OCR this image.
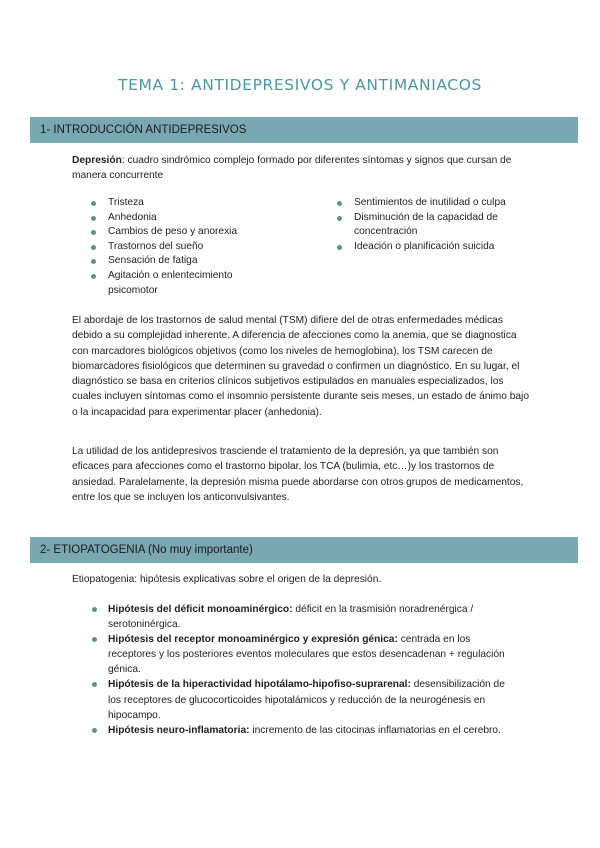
TEMA 1: ANTIDEPRESIVOS Y ANTIMANIACOS
1- INTRODUCCIÓN ANTIDEPRESIVOS

Depresión: cuadro sindrómico complejo formado por diferentes síntomas y signos que cursan de manera concurrente

Tristeza
Anhedonia
Cambios de peso y anorexia
Trastornos del sueño
Sensación de fatiga
Agitación o enlentecimiento psicomotor
Sentimientos de inutilidad o culpa
Disminución de la capacidad de concentración
Ideación o planificación suicida

El abordaje de los trastornos de salud mental (TSM) difiere del de otras enfermedades médicas debido a su complejidad inherente. A diferencia de afecciones como la anemia, que se diagnostica con marcadores biológicos objetivos (como los niveles de hemoglobina), los TSM carecen de biomarcadores fisiológicos que determinen su gravedad o confirmen un diagnóstico. En su lugar, el diagnóstico se basa en criterios clínicos subjetivos estipulados en manuales especializados, los cuales incluyen síntomas como el insomnio persistente durante seis meses, un estado de ánimo bajo o la incapacidad para experimentar placer (anhedonia).

La utilidad de los antidepresivos trasciende el tratamiento de la depresión, ya que también son eficaces para afecciones como el trastorno bipolar, los TCA (bulimia, etc…)y los trastornos de ansiedad. Paralelamente, la depresión misma puede abordarse con otros grupos de medicamentos, entre los que se incluyen los anticonvulsivantes.

2- ETIOPATOGENIA (No muy importante)

Etiopatogenia: hipótesis explicativas sobre el origen de la depresión.

Hipótesis del déficit monoaminérgico: déficit en la trasmisión noradrenérgica / serotoninérgica.
Hipótesis del receptor monoaminérgico y expresión génica: centrada en los receptores y los posteriores eventos moleculares que estos desencadenan + regulación génica.
Hipótesis de la hiperactividad hipotálamo-hipofiso-suprarenal: desensibilización de los receptores de glucocorticoides hipotalámicos y reducción de la neurogénesis en hipocampo.
Hipótesis neuro-inflamatoria: incremento de las citocinas inflamatorias en el cerebro.
